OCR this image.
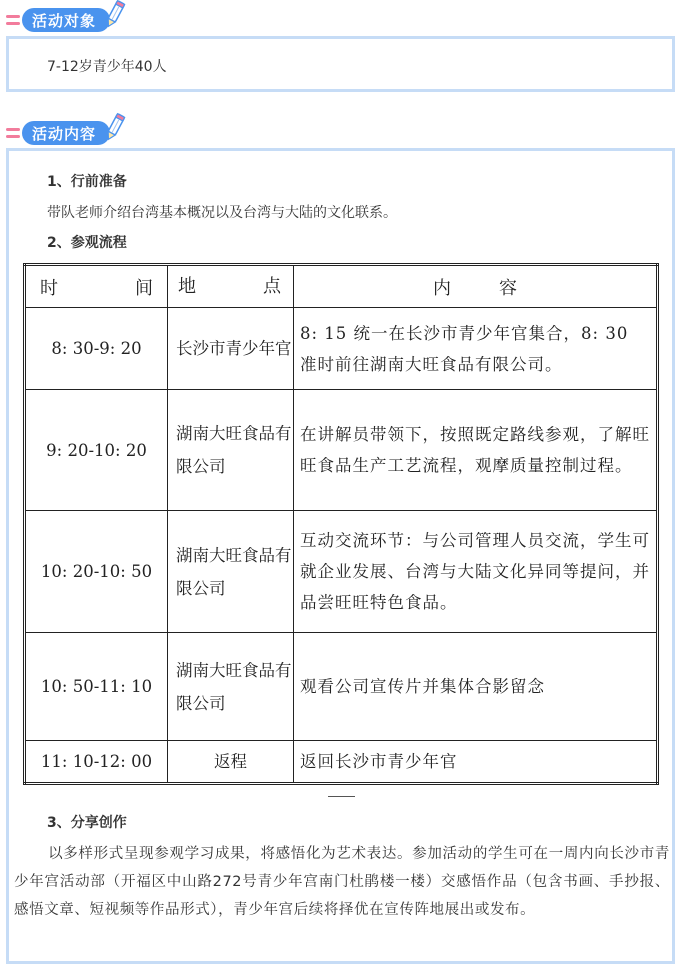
活动对象
7-12岁青少年40人
活动内容
1、行前准备
带队老师介绍台湾基本概况以及台湾与大陆的文化联系。
2、参观流程
时 间	地 点	内容

8: 30-9: 20	长沙市青少年官	8: 15 统一在长沙市青少年官集合，8: 30 准时前往湖南大旺食品有限公司。
9: 20-10: 20	湖南大旺食品有限公司	在讲解员带领下，按照既定路线参观，了解旺旺食品生产工艺流程，观摩质量控制过程。
10: 20-10: 50	湖南大旺食品有限公司	互动交流环节：与公司管理人员交流，学生可就企业发展、台湾与大陆文化异同等提问，并品尝旺旺特色食品。
10: 50-11: 10	湖南大旺食品有限公司	观看公司宣传片并集体合影留念
11: 10-12: 00	返程	返回长沙市青少年官
3、分享创作
以多样形式呈现参观学习成果，将感悟化为艺术表达。参加活动的学生可在一周内向长沙市青少年宫活动部（开福区中山路272号青少年宫南门杜鹃楼一楼）交感悟作品（包含书画、手抄报、感悟文章、短视频等作品形式），青少年宫后续将择优在宣传阵地展出或发布。
